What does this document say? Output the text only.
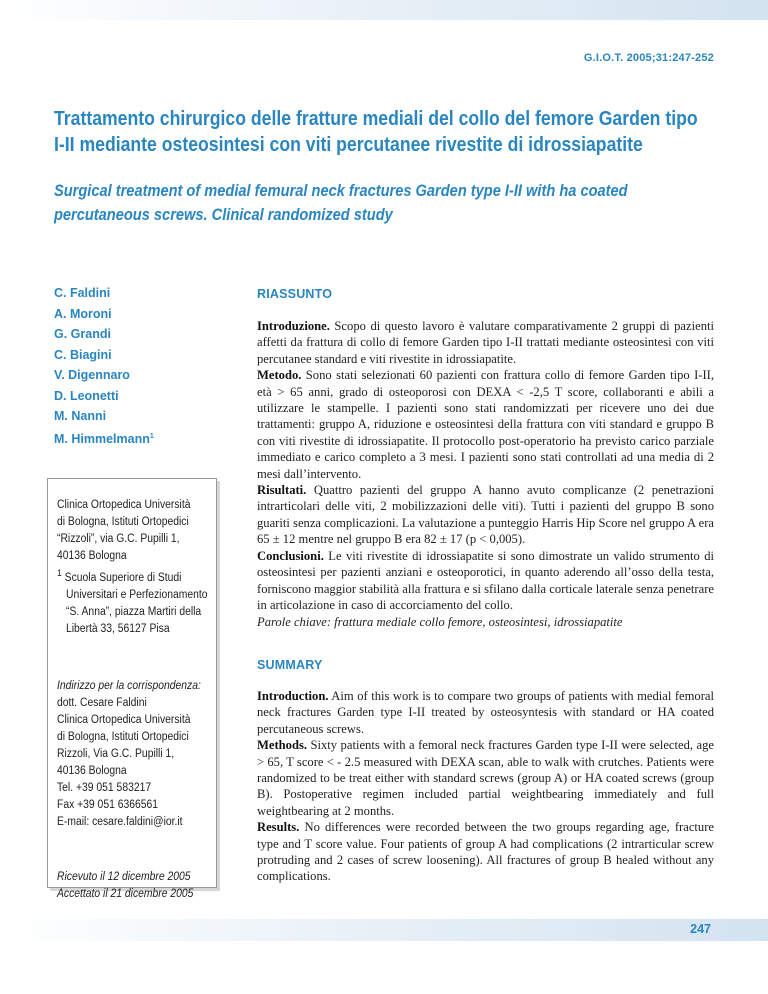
G.I.O.T. 2005;31:247-252
Trattamento chirurgico delle fratture mediali del collo del femore Garden tipo I-II mediante osteosintesi con viti percutanee rivestite di idrossiapatite
Surgical treatment of medial femural neck fractures Garden type I-II with ha coated percutaneous screws. Clinical randomized study
C. Faldini
A. Moroni
G. Grandi
C. Biagini
V. Digennaro
D. Leonetti
M. Nanni
M. Himmelmann$^1$
Clinica Ortopedica Università
di Bologna, Istituti Ortopedici
“Rizzoli”, via G.C. Pupilli 1,
40136 Bologna
$^1$ Scuola Superiore di Studi
Universitari e Perfezionamento
“S. Anna”, piazza Martiri della
Libertà 33, 56127 Pisa
Indirizzo per la corrispondenza:
dott. Cesare Faldini
Clinica Ortopedica Università
di Bologna, Istituti Ortopedici
Rizzoli, Via G.C. Pupilli 1,
40136 Bologna
Tel. +39 051 583217
Fax +39 051 6366561
E-mail: cesare.faldini@ior.it
Ricevuto il 12 dicembre 2005
Accettato il 21 dicembre 2005
RIASSUNTO

Introduzione. Scopo di questo lavoro è valutare comparativamente 2 gruppi di pazienti affetti da frattura di collo di femore Garden tipo I-II trattati mediante osteosintesi con viti percutanee standard e viti rivestite in idrossiapatite.

Metodo. Sono stati selezionati 60 pazienti con frattura collo di femore Garden tipo I-II, età > 65 anni, grado di osteoporosi con DEXA < -2,5 T score, collaboranti e abili a utilizzare le stampelle. I pazienti sono stati randomizzati per ricevere uno dei due trattamenti: gruppo A, riduzione e osteosintesi della frattura con viti standard e gruppo B con viti rivestite di idrossiapatite. Il protocollo post-operatorio ha previsto carico parziale immediato e carico completo a 3 mesi. I pazienti sono stati controllati ad una media di 2 mesi dall’intervento.

Risultati. Quattro pazienti del gruppo A hanno avuto complicanze (2 penetrazioni intrarticolari delle viti, 2 mobilizzazioni delle viti). Tutti i pazienti del gruppo B sono guariti senza complicazioni. La valutazione a punteggio Harris Hip Score nel gruppo A era 65 ± 12 mentre nel gruppo B era 82 ± 17 (p < 0,005).

Conclusioni. Le viti rivestite di idrossiapatite si sono dimostrate un valido strumento di osteosintesi per pazienti anziani e osteoporotici, in quanto aderendo all’osso della testa, forniscono maggior stabilità alla frattura e si sfilano dalla corticale laterale senza penetrare in articolazione in caso di accorciamento del collo.

Parole chiave: frattura mediale collo femore, osteosintesi, idrossiapatite
SUMMARY

Introduction. Aim of this work is to compare two groups of patients with medial femoral neck fractures Garden type I-II treated by osteosyntesis with standard or HA coated percutaneous screws.

Methods. Sixty patients with a femoral neck fractures Garden type I-II were selected, age > 65, T score < - 2.5 measured with DEXA scan, able to walk with crutches. Patients were randomized to be treat either with standard screws (group A) or HA coated screws (group B). Postoperative regimen included partial weightbearing immediately and full weightbearing at 2 months.

Results. No differences were recorded between the two groups regarding age, fracture type and T score value. Four patients of group A had complications (2 intrarticular screw protruding and 2 cases of screw loosening). All fractures of group B healed without any complications.

247
